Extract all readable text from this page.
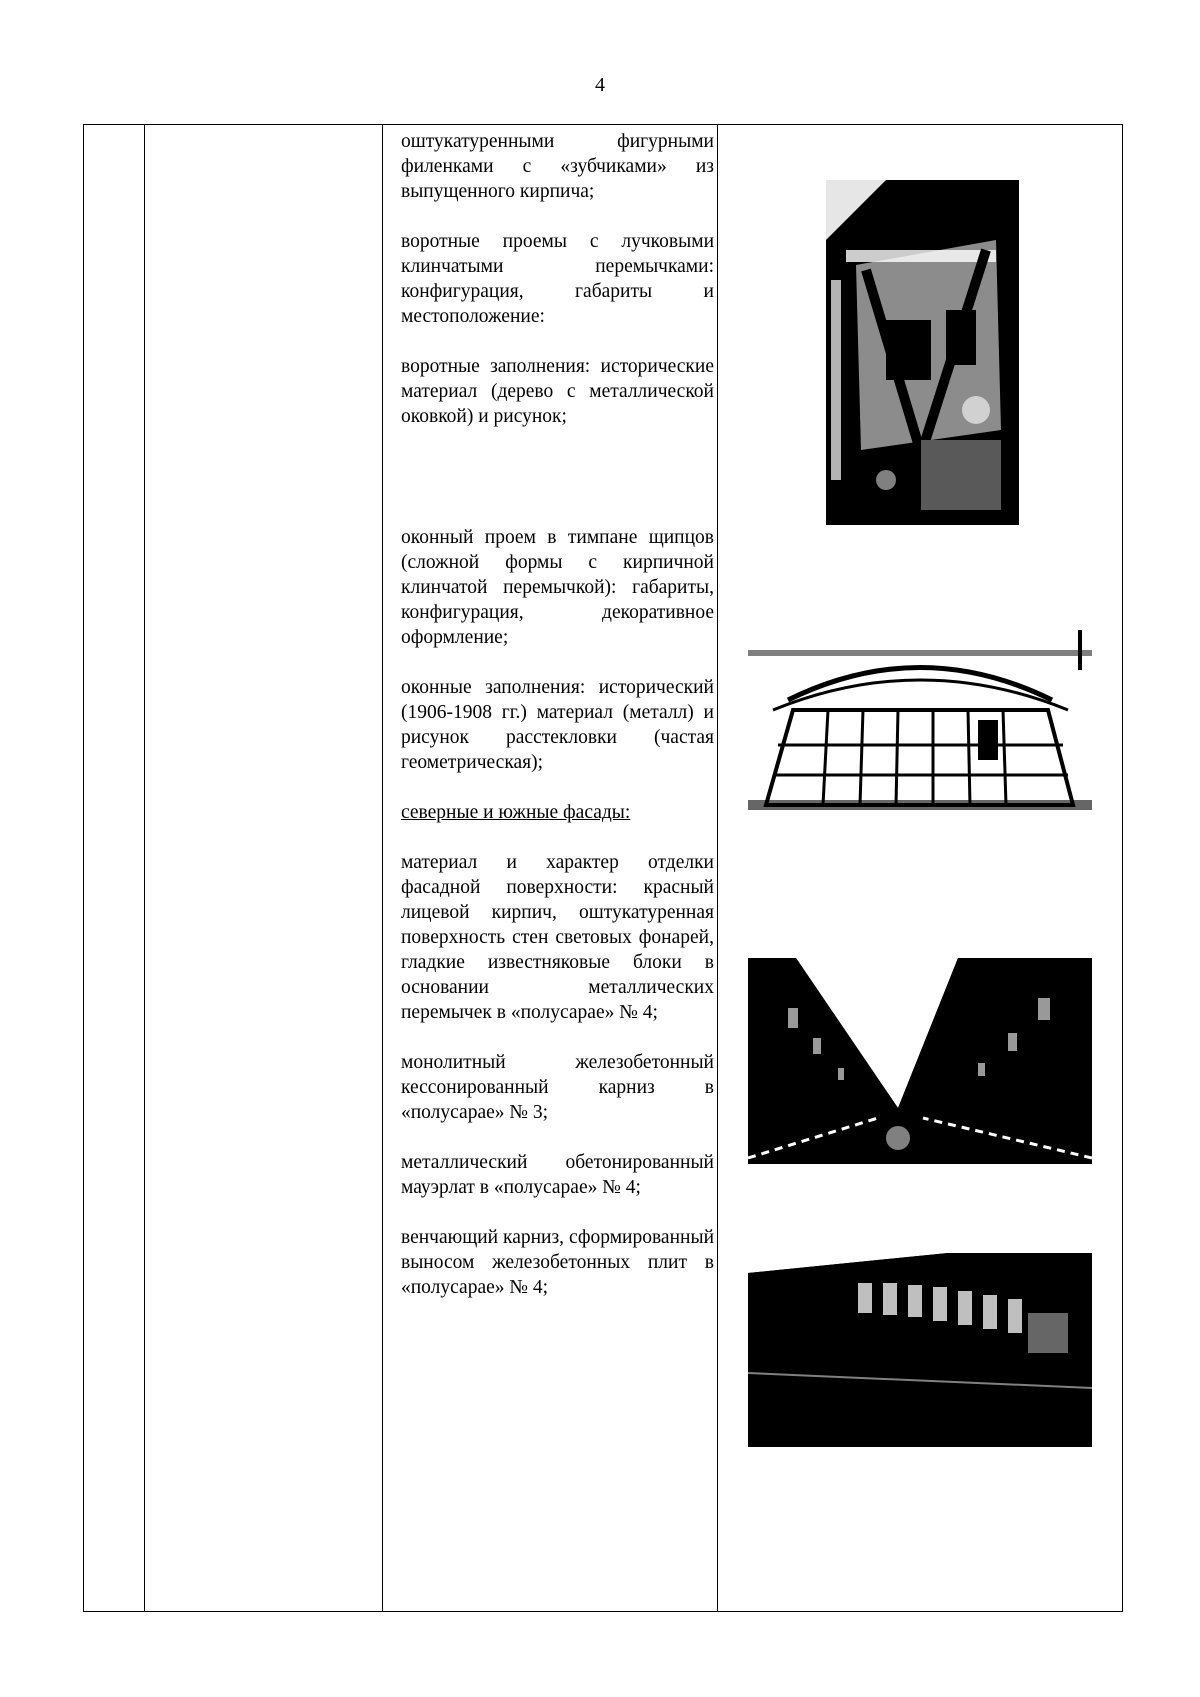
4

оштукатуренными фигурными филенками с «зубчиками» из выпущенного кирпича;

воротные проемы с лучковыми клинчатыми перемычками: конфигурация, габариты и местоположение:

воротные заполнения: исторические материал (дерево с металлической оковкой) и рисунок;

оконный проем в тимпане щипцов (сложной формы с кирпичной клинчатой перемычкой): габариты, конфигурация, декоративное оформление;

оконные заполнения: исторический (1906-1908 гг.) материал (металл) и рисунок расстекловки (частая геометрическая);

северные и южные фасады:

материал и характер отделки фасадной поверхности: красный лицевой кирпич, оштукатуренная поверхность стен световых фонарей, гладкие известняковые блоки в основании металлических перемычек в «полусарае» № 4;

монолитный железобетонный кессонированный карниз в «полусарае» № 3;

металлический обетонированный мауэрлат в «полусарае» № 4;

венчающий карниз, сформированный выносом железобетонных плит в «полусарае» № 4;
